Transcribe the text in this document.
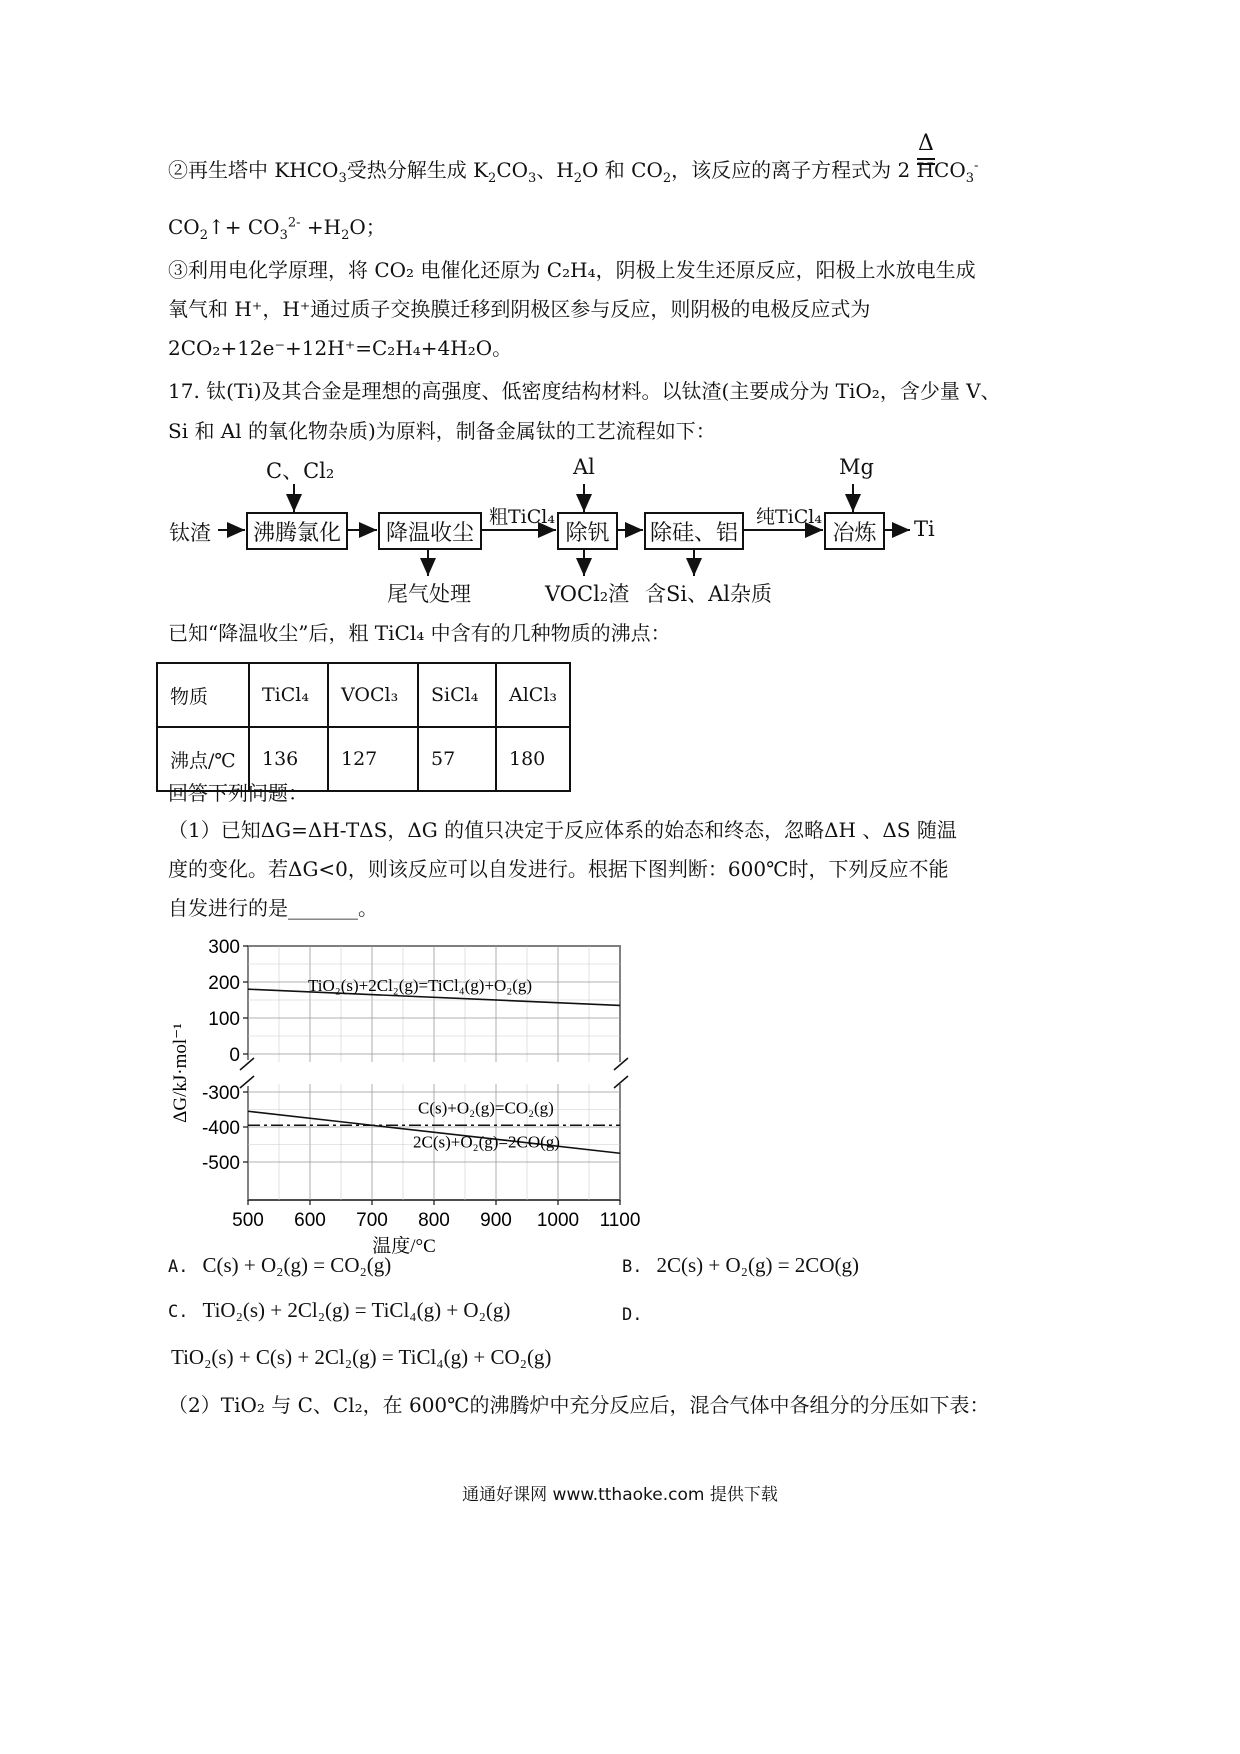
②再生塔中 $KHCO_3$受热分解生成 $K_2CO_3$、$H_2O$ 和 $CO_2$，该反应的离子方程式为 2 $HCO_3^-$
Δ
$CO_2↑+ CO_3^{2-} +H_2O$；
③利用电化学原理，将 CO₂ 电催化还原为 C₂H₄，阴极上发生还原反应，阳极上水放电生成
氧气和 H⁺，H⁺通过质子交换膜迁移到阴极区参与反应，则阴极的电极反应式为
2CO₂+12e⁻+12H⁺=C₂H₄+4H₂O。
17. 钛(Ti)及其合金是理想的高强度、低密度结构材料。以钛渣(主要成分为 TiO₂，含少量 V、
Si 和 Al 的氧化物杂质)为原料，制备金属钛的工艺流程如下：
钛渣	沸腾氯化
C、Cl₂
降温收尘
尾气处理
粗TiCl₄
除钒
Al
VOCl₂渣
除硅、铝
含Si、Al杂质
纯TiCl₄
冶炼
Mg
Ti
已知“降温收尘”后，粗 TiCl₄ 中含有的几种物质的沸点：
物质	TiCl₄	VOCl₃	SiCl₄	AlCl₃
沸点/℃	136	127	57	180
回答下列问题：
（1）已知ΔG=ΔH-TΔS，ΔG 的值只决定于反应体系的始态和终态，忽略ΔH 、ΔS 随温
度的变化。若ΔG<0，则该反应可以自发进行。根据下图判断：600℃时，下列反应不能
自发进行的是_______。
500 600 700 800 900 1000 1100
0
100
200
300
-500
-400
-300
温度/°C
ΔG/kJ·mol⁻¹
TiO₂(s)+2Cl₂(g)=TiCl₄(g)+O₂(g)
C(s)+O₂(g)=CO₂(g)
2C(s)+O₂(g)=2CO(g)
A. C(s) + O₂(g) = CO₂(g)	B. 2C(s) + O₂(g) = 2CO(g)
C. TiO₂(s) + 2Cl₂(g) = TiCl₄(g) + O₂(g)	D.
TiO₂(s) + C(s) + 2Cl₂(g) = TiCl₄(g) + CO₂(g)
（2）TiO₂ 与 C、Cl₂，在 600℃的沸腾炉中充分反应后，混合气体中各组分的分压如下表：
通通好课网 www.tthaoke.com 提供下载
